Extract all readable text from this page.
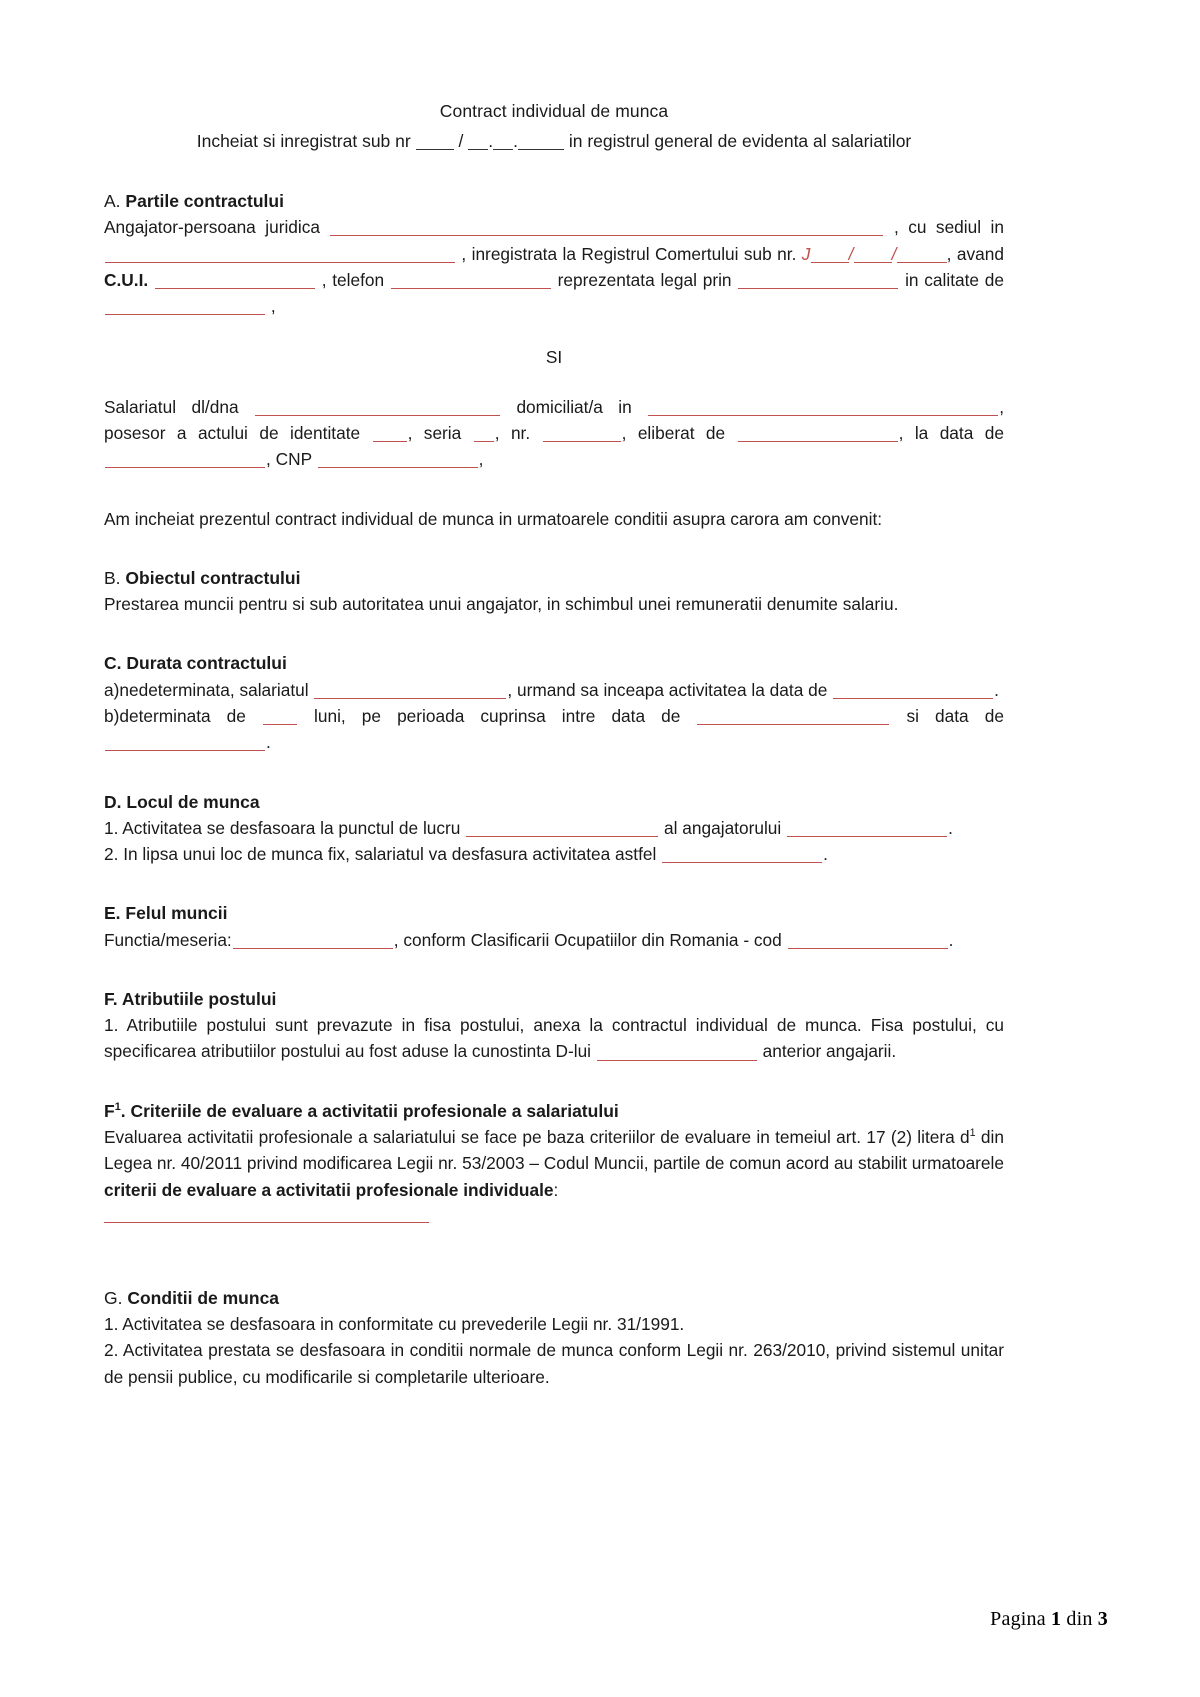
Contract individual de munca
Incheiat si inregistrat sub nr	/ . .	in registrul general de evidenta al salariatilor
A. Partile contractului

Angajator-persoana juridica	, cu sediul in  , inregistrata la Registrul Comertului sub nr. J / /	, avand C.U.I.	, telefon	reprezentata legal prin	in calitate de  ,

SI

Salariatul dl/dna	domiciliat/a in	, posesor a actului de identitate	, seria , nr.	, eliberat de	, la data de , CNP	,

Am incheiat prezentul contract individual de munca in urmatoarele conditii asupra carora am convenit:

B. Obiectul contractului

Prestarea muncii pentru si sub autoritatea unui angajator, in schimbul unei remuneratii denumite salariu.

C. Durata contractului

a)nedeterminata, salariatul	, urmand sa inceapa activitatea la data de	.

b)determinata de	luni, pe perioada cuprinsa intre data de	si data de .

D. Locul de munca

1. Activitatea se desfasoara la punctul de lucru	al angajatorului	.

2. In lipsa unui loc de munca fix, salariatul va desfasura activitatea astfel	.

E. Felul muncii

Functia/meseria:	, conform Clasificarii Ocupatiilor din Romania - cod	.

F. Atributiile postului

1. Atributiile postului sunt prevazute in fisa postului, anexa la contractul individual de munca. Fisa postului, cu specificarea atributiilor postului au fost aduse la cunostinta D-lui	anterior angajarii.

$F^1$. Criteriile de evaluare a activitatii profesionale a salariatului

Evaluarea activitatii profesionale a salariatului se face pe baza criteriilor de evaluare in temeiul art. 17 (2) litera $d^1$ din Legea nr. 40/2011 privind modificarea Legii nr. 53/2003 – Codul Muncii, partile de comun acord au stabilit urmatoarele criterii de evaluare a activitatii profesionale individuale:

G. Conditii de munca

1. Activitatea se desfasoara in conformitate cu prevederile Legii nr. 31/1991.

2. Activitatea prestata se desfasoara in conditii normale de munca conform Legii nr. 263/2010, privind sistemul unitar de pensii publice, cu modificarile si completarile ulterioare.

Pagina 1 din 3
